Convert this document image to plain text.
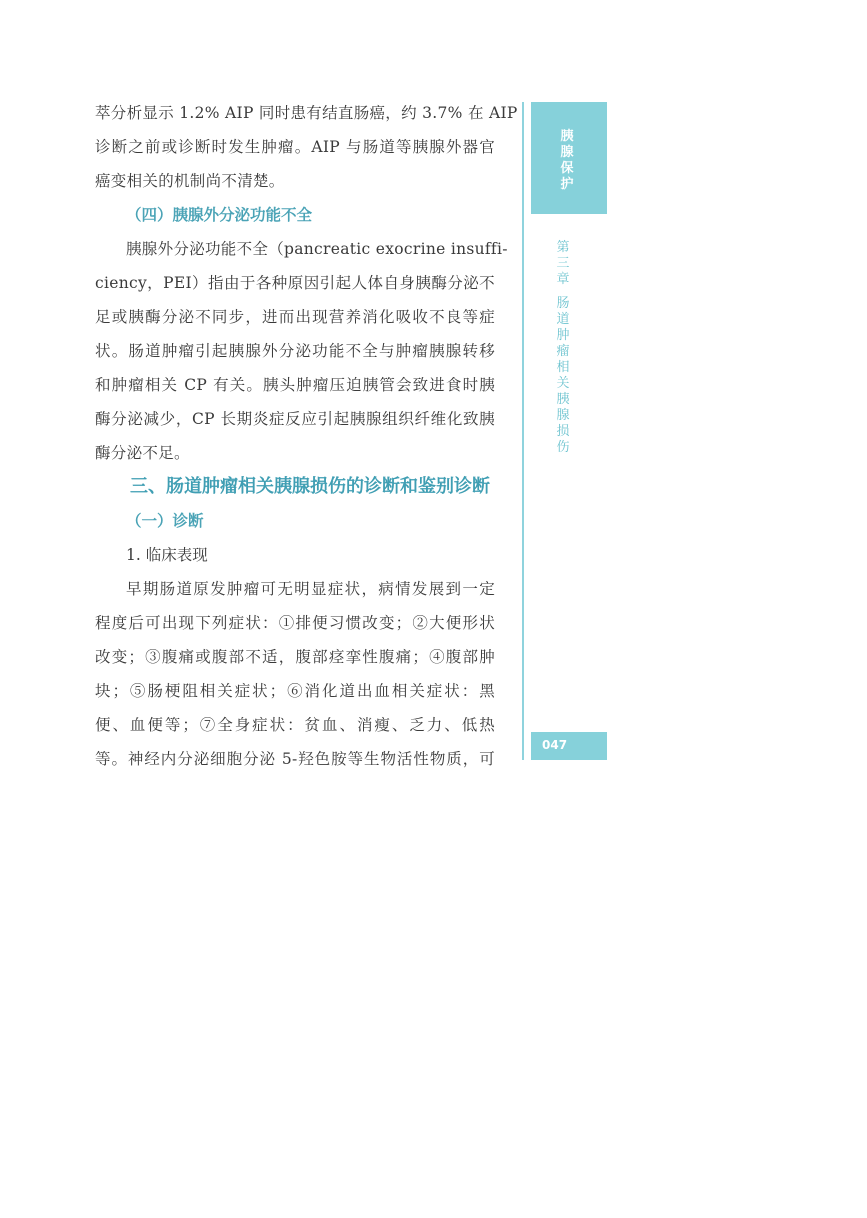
萃分析显示 1.2% AIP 同时患有结直肠癌，约 3.7% 在 AIP
诊断之前或诊断时发生肿瘤。AIP 与肠道等胰腺外器官
癌变相关的机制尚不清楚。
（四）胰腺外分泌功能不全
胰腺外分泌功能不全（pancreatic exocrine insuffi-
ciency，PEI）指由于各种原因引起人体自身胰酶分泌不
足或胰酶分泌不同步，进而出现营养消化吸收不良等症
状。肠道肿瘤引起胰腺外分泌功能不全与肿瘤胰腺转移
和肿瘤相关 CP 有关。胰头肿瘤压迫胰管会致进食时胰
酶分泌减少，CP 长期炎症反应引起胰腺组织纤维化致胰
酶分泌不足。
三、肠道肿瘤相关胰腺损伤的诊断和鉴别诊断
（一）诊断
1. 临床表现
早期肠道原发肿瘤可无明显症状，病情发展到一定
程度后可出现下列症状：①排便习惯改变；②大便形状
改变；③腹痛或腹部不适，腹部痉挛性腹痛；④腹部肿
块；⑤肠梗阻相关症状；⑥消化道出血相关症状：黑
便、血便等；⑦全身症状：贫血、消瘦、乏力、低热
等。神经内分泌细胞分泌 5-羟色胺等生物活性物质，可
胰腺保护
第三章
肠道肿瘤相关胰腺损伤
047
